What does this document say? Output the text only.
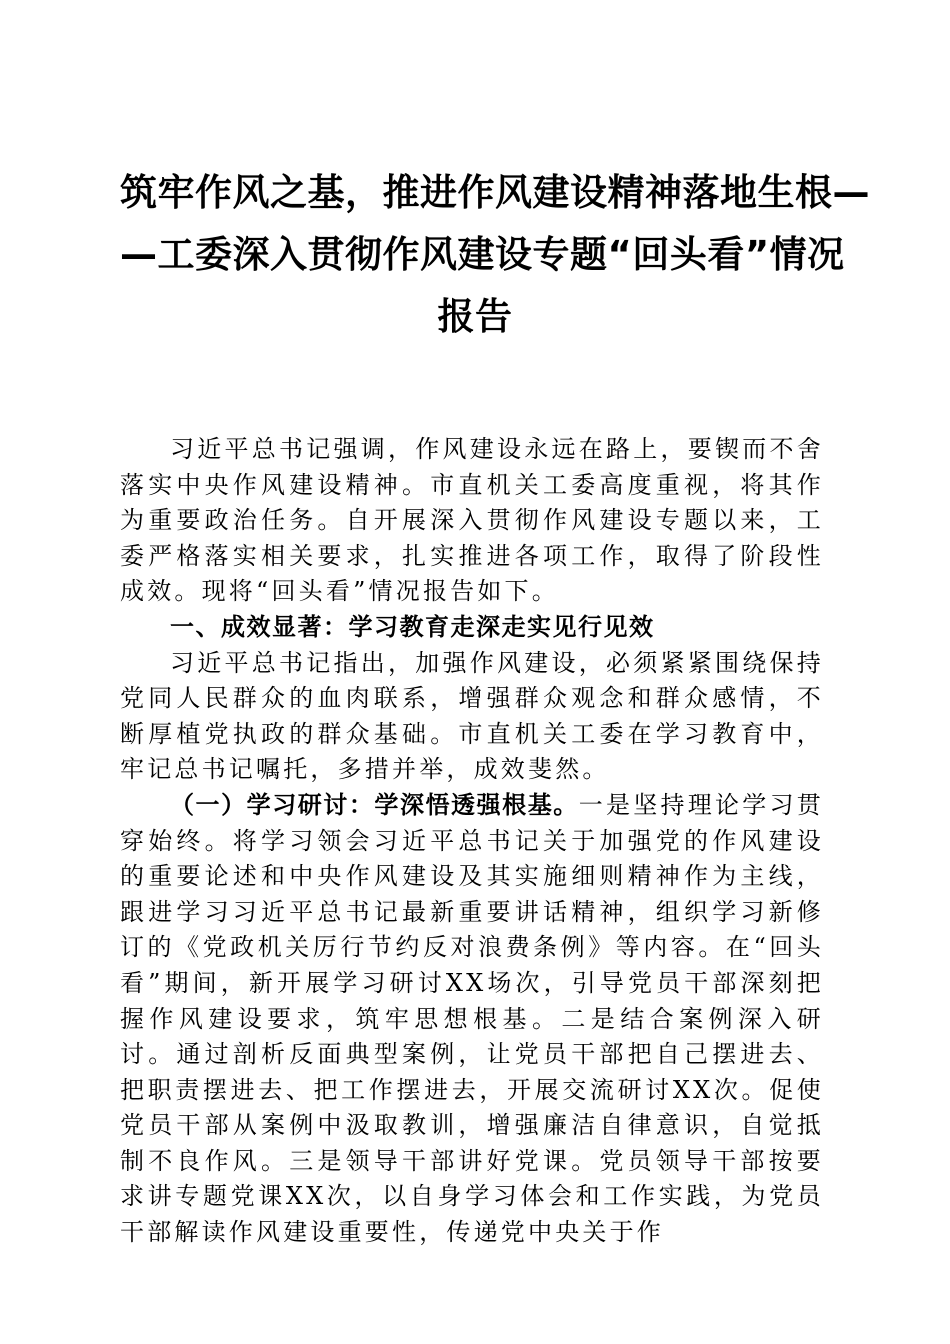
筑牢作风之基，推进作风建设精神落地生根—
—工委深入贯彻作风建设专题“回头看”情况
报告

习近平总书记强调，作风建设永远在路上，要锲而不舍落实中央作风建设精神。市直机关工委高度重视，将其作为重要政治任务。自开展深入贯彻作风建设专题以来，工委严格落实相关要求，扎实推进各项工作，取得了阶段性成效。现将“回头看”情况报告如下。

一、成效显著：学习教育走深走实见行见效

习近平总书记指出，加强作风建设，必须紧紧围绕保持党同人民群众的血肉联系，增强群众观念和群众感情，不断厚植党执政的群众基础。市直机关工委在学习教育中，牢记总书记嘱托，多措并举，成效斐然。

（一）学习研讨：学深悟透强根基。一是坚持理论学习贯穿始终。将学习领会习近平总书记关于加强党的作风建设的重要论述和中央作风建设及其实施细则精神作为主线，跟进学习习近平总书记最新重要讲话精神，组织学习新修订的《党政机关厉行节约反对浪费条例》等内容。在“回头看”期间，新开展学习研讨XX场次，引导党员干部深刻把握作风建设要求，筑牢思想根基。二是结合案例深入研讨。通过剖析反面典型案例，让党员干部把自己摆进去、把职责摆进去、把工作摆进去，开展交流研讨XX次。促使党员干部从案例中汲取教训，增强廉洁自律意识，自觉抵制不良作风。三是领导干部讲好党课。党员领导干部按要求讲专题党课XX次，以自身学习体会和工作实践，为党员干部解读作风建设重要性，传递党中央关于作
